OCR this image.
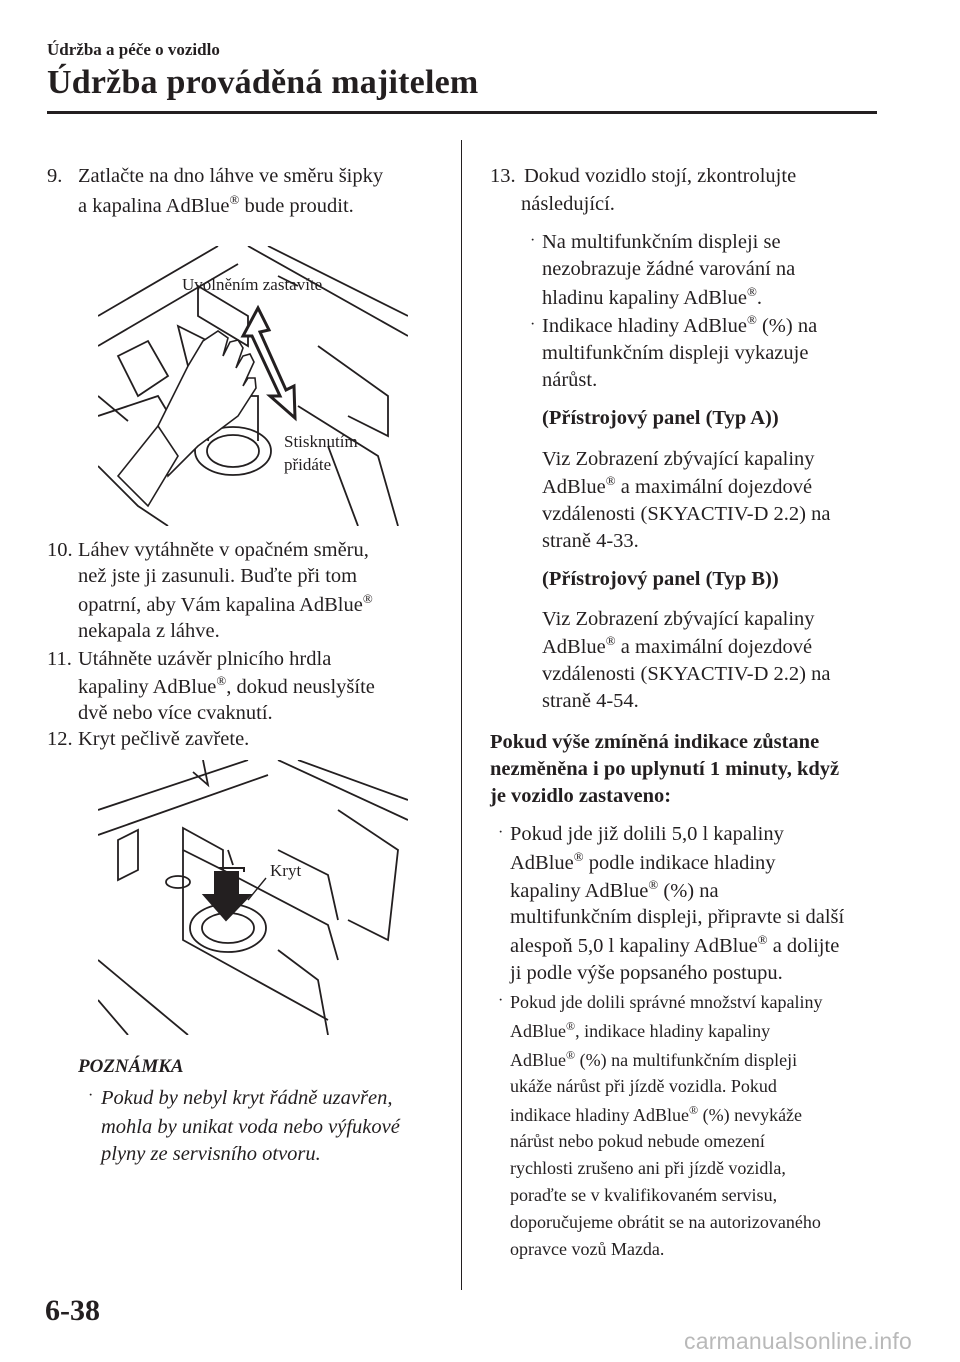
Údržba a péče o vozidlo
Údržba prováděná majitelem
9. Zatlačte na dno láhve ve směru šipky
a kapalina AdBlue® bude proudit.
Uvolněním zastavíte
Stisknutím
přidáte
10. Láhev vytáhněte v opačném směru,
než jste ji zasunuli. Buďte při tom
opatrní, aby Vám kapalina AdBlue®
nekapala z láhve.
11. Utáhněte uzávěr plnicího hrdla
kapaliny AdBlue®, dokud neuslyšíte
dvě nebo více cvaknutí.
12. Kryt pečlivě zavřete.
Kryt
POZNÁMKA
· Pokud by nebyl kryt řádně uzavřen,
mohla by unikat voda nebo výfukové
plyny ze servisního otvoru.
13. Dokud vozidlo stojí, zkontrolujte
následující.
· Na multifunkčním displeji se
nezobrazuje žádné varování na
hladinu kapaliny AdBlue®.
· Indikace hladiny AdBlue® (%) na
multifunkčním displeji vykazuje
nárůst.
(Přístrojový panel (Typ A))
Viz Zobrazení zbývající kapaliny
AdBlue® a maximální dojezdové
vzdálenosti (SKYACTIV-D 2.2) na
straně 4-33.
(Přístrojový panel (Typ B))
Viz Zobrazení zbývající kapaliny
AdBlue® a maximální dojezdové
vzdálenosti (SKYACTIV-D 2.2) na
straně 4-54.
Pokud výše zmíněná indikace zůstane
nezměněna i po uplynutí 1 minuty, když
je vozidlo zastaveno:
· Pokud jde již dolili 5,0 l kapaliny
AdBlue® podle indikace hladiny
kapaliny AdBlue® (%) na
multifunkčním displeji, připravte si další
alespoň 5,0 l kapaliny AdBlue® a dolijte
ji podle výše popsaného postupu.
· Pokud jde dolili správné množství kapaliny
AdBlue®, indikace hladiny kapaliny
AdBlue® (%) na multifunkčním displeji
ukáže nárůst při jízdě vozidla. Pokud
indikace hladiny AdBlue® (%) nevykáže
nárůst nebo pokud nebude omezení
rychlosti zrušeno ani při jízdě vozidla,
poraďte se v kvalifikovaném servisu,
doporučujeme obrátit se na autorizovaného
opravce vozů Mazda.
6-38
carmanualsonline.info
